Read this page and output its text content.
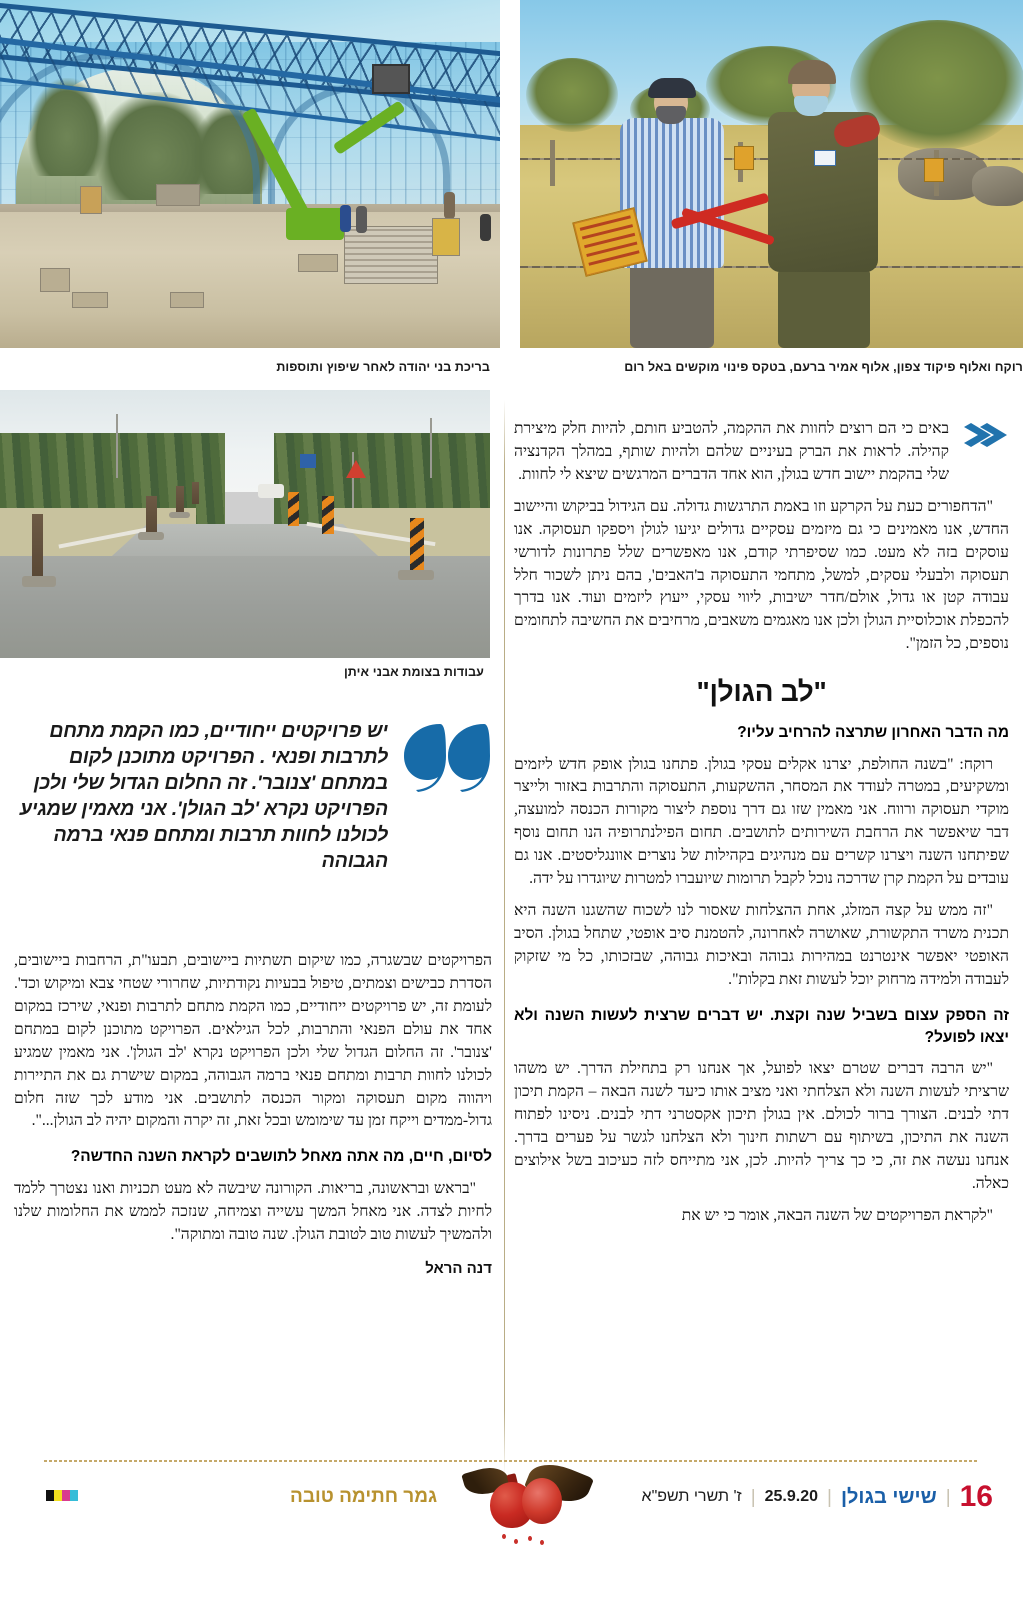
בריכת בני יהודה לאחר שיפוץ ותוספות	רוקח ואלוף פיקוד צפון, אלוף אמיר ברעם, בטקס פינוי מוקשים באל רום
עבודות בצומת אבני איתן
יש פרויקטים ייחודיים, כמו הקמת מתחם לתרבות ופנאי . הפרויקט מתוכנן לקום במתחם 'צנובר'. זה החלום הגדול שלי ולכן הפרויקט נקרא 'לב הגולן'. אני מאמין שמגיע לכולנו לחוות תרבות ומתחם פנאי ברמה הגבוהה

באים כי הם רוצים לחוות את ההקמה, להטביע חותם, להיות חלק מיצירת קהילה. לראות את הברק בעיניים שלהם ולהיות שותף, במהלך הקדנציה שלי בהקמת יישוב חדש בגולן, הוא אחד הדברים המרגשים שיצא לי לחוות.

"הדחפורים כעת על הקרקע וזו באמת התרגשות גדולה. עם הגידול בביקוש והיישוב החדש, אנו מאמינים כי גם מיזמים עסקיים גדולים יגיעו לגולן ויספקו תעסוקה. אנו עוסקים בזה לא מעט. כמו שסיפרתי קודם, אנו מאפשרים שלל פתרונות לדורשי תעסוקה ולבעלי עסקים, למשל, מתחמי התעסוקה ב'האבים', בהם ניתן לשכור חלל עבודה קטן או גדול, אולם/חדר ישיבות, ליווי עסקי, ייעוץ ליזמים ועוד. אנו בדרך להכפלת אוכלוסיית הגולן ולכן אנו מאגמים משאבים, מרחיבים את החשיבה לתחומים נוספים, כל הזמן".

"לב הגולן"

מה הדבר האחרון שתרצה להרחיב עליו?

רוקח: "בשנה החולפת, יצרנו אקלים עסקי בגולן. פתחנו בגולן אופק חדש ליזמים ומשקיעים, במטרה לעודד את המסחר, ההשקעות, התעסוקה והתרבות באזור ולייצר מוקדי תעסוקה ורווח. אני מאמין שזו גם דרך נוספת ליצור מקורות הכנסה למועצה, דבר שיאפשר את הרחבת השירותים לתושבים. תחום הפילנתרופיה הנו תחום נוסף שפיתחנו השנה ויצרנו קשרים עם מנהיגים בקהילות של נוצרים אוונגליסטים. אנו גם עובדים על הקמת קרן שדרכה נוכל לקבל תרומות שיועברו למטרות שיוגדרו על ידה.

"זה ממש על קצה המזלג, אחת ההצלחות שאסור לנו לשכוח שהשגנו השנה היא תכנית משרד התקשורת, שאושרה לאחרונה, להטמנת סיב אופטי, שתחל בגולן. הסיב האופטי יאפשר אינטרנט במהירות גבוהה ובאיכות גבוהה, שבזכותו, כל מי שזקוק לעבודה ולמידה מרחוק יוכל לעשות זאת בקלות".

זה הספק עצום בשביל שנה וקצת. יש דברים שרצית לעשות השנה ולא יצאו לפועל?

"יש הרבה דברים שטרם יצאו לפועל, אך אנחנו רק בתחילת הדרך. יש משהו שרציתי לעשות השנה ולא הצלחתי ואני מציב אותו כיעד לשנה הבאה – הקמת תיכון דתי לבנים. הצורך ברור לכולם. אין בגולן תיכון אקסטרני דתי לבנים. ניסינו לפתוח השנה את התיכון, בשיתוף עם רשתות חינוך ולא הצלחנו לגשר על פערים בדרך. אנחנו נעשה את זה, כי כך צריך להיות. לכן, אני מתייחס לזה כעיכוב בשל אילוצים כאלה.

"לקראת הפרויקטים של השנה הבאה, אומר כי יש את

הפרויקטים שבשגרה, כמו שיקום תשתיות ביישובים, תבעו"ת, הרחבות ביישובים, הסדרת כבישים וצמתים, טיפול בבעיות נקודתיות, שחרורי שטחי צבא ומיקוש וכד'. לעומת זה, יש פרויקטים ייחודיים, כמו הקמת מתחם לתרבות ופנאי, שירכז במקום אחד את עולם הפנאי והתרבות, לכל הגילאים. הפרויקט מתוכנן לקום במתחם 'צנובר'. זה החלום הגדול שלי ולכן הפרויקט נקרא 'לב הגולן'. אני מאמין שמגיע לכולנו לחוות תרבות ומתחם פנאי ברמה הגבוהה, במקום שישרת גם את התיירות ויהווה מקום תעסוקה ומקור הכנסה לתושבים. אני מודע לכך שזה חלום גדול-ממדים וייקח זמן עד שימומש ובכל זאת, זה יקרה והמקום יהיה לב הגולן...".

לסיום, חיים, מה אתה מאחל לתושבים לקראת השנה החדשה?

"בראש ובראשונה, בריאות. הקורונה שיבשה לא מעט תכניות ואנו נצטרך ללמד לחיות לצדה. אני מאחל המשך עשייה וצמיחה, שנזכה לממש את החלומות שלנו ולהמשיך לעשות טוב לטובת הגולן. שנה טובה ומתוקה".

דנה הראל
גמר חתימה טובה	16
|
שישי בגולן
|
25.9.20
|
ז' תשרי תשפ"א
